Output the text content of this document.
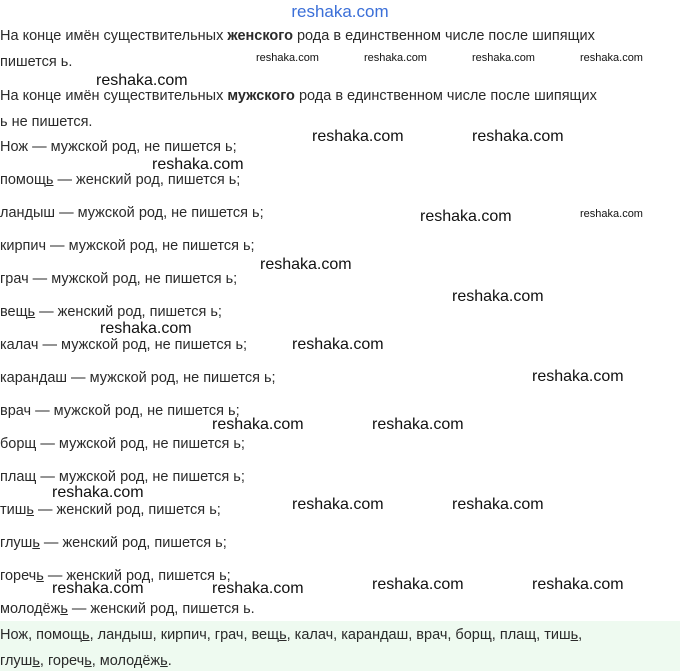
reshaka.com
На конце имён существительных женского рода в единственном числе после шипящих
пишется ь.
На конце имён существительных мужского рода в единственном числе после шипящих
ь не пишется.
Нож — мужской род, не пишется ь;
помощь — женский род, пишется ь;
ландыш — мужской род, не пишется ь;
кирпич — мужской род, не пишется ь;
грач — мужской род, не пишется ь;
вещь — женский род, пишется ь;
калач — мужской род, не пишется ь;
карандаш — мужской род, не пишется ь;
врач — мужской род, не пишется ь;
борщ — мужской род, не пишется ь;
плащ — мужской род, не пишется ь;
тишь — женский род, пишется ь;
глушь — женский род, пишется ь;
горечь — женский род, пишется ь;
молодёжь — женский род, пишется ь.
Нож, помощь, ландыш, кирпич, грач, вещь, калач, карандаш, врач, борщ, плащ, тишь,
глушь, горечь, молодёжь.
reshaka.com	reshaka.com	reshaka.com	reshaka.com
reshaka.com
reshaka.com	reshaka.com
reshaka.com
reshaka.com	reshaka.com
reshaka.com
reshaka.com
reshaka.com
reshaka.com
reshaka.com
reshaka.com	reshaka.com
reshaka.com
reshaka.com	reshaka.com
reshaka.com	reshaka.com	reshaka.com	reshaka.com
